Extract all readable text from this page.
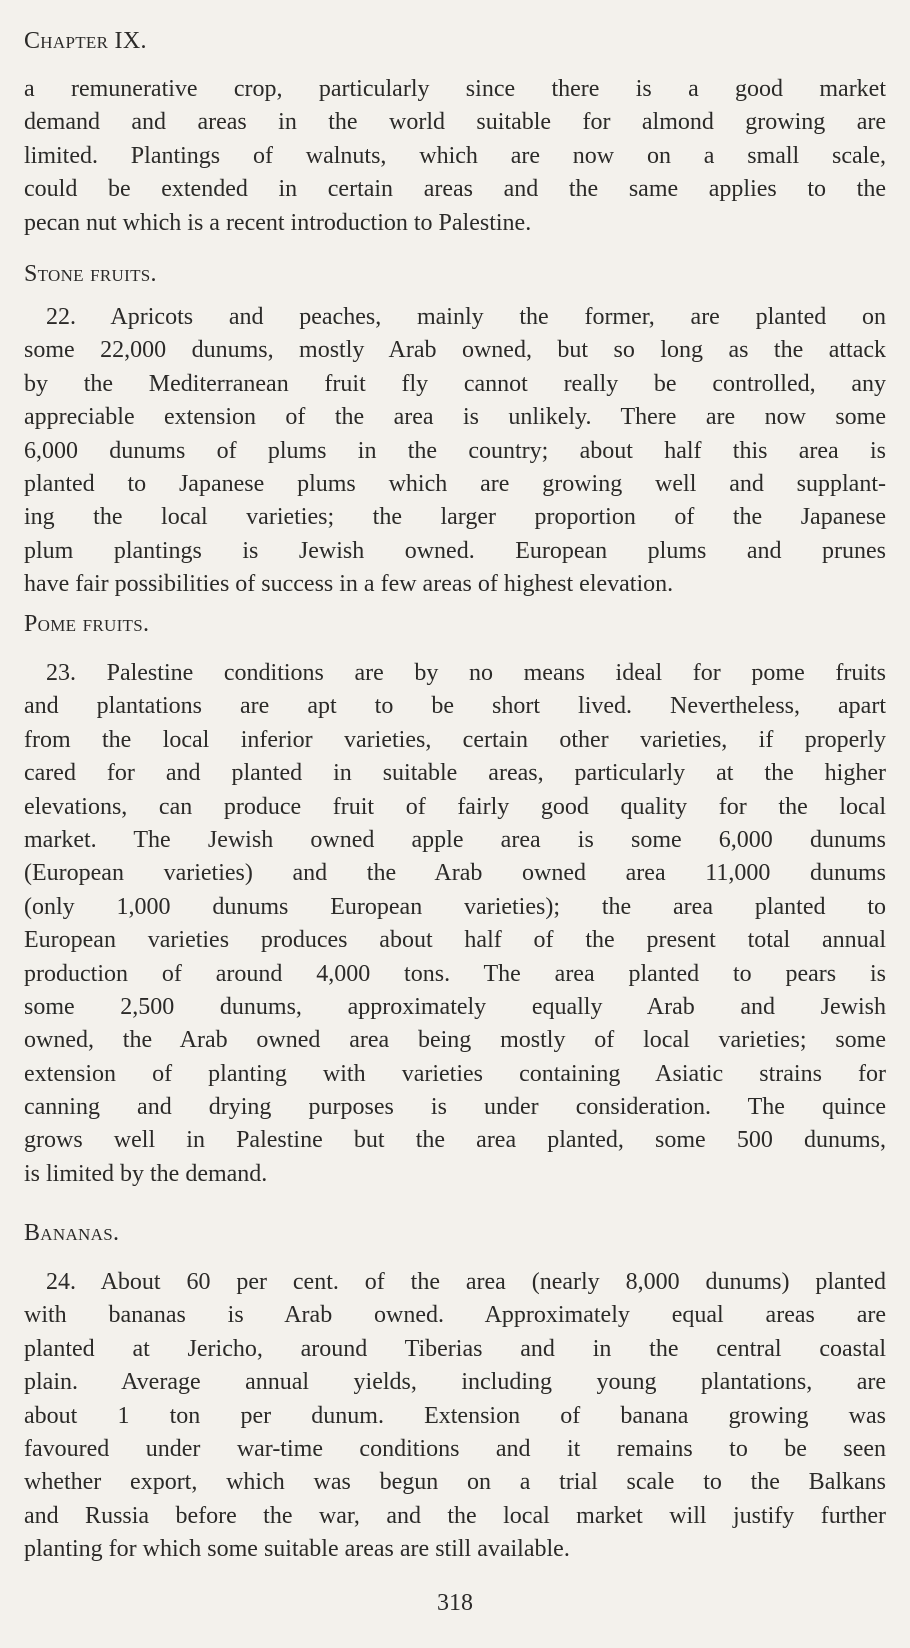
Chapter IX.
a remunerative crop, particularly since there is a good market
demand and areas in the world suitable for almond growing are
limited. Plantings of walnuts, which are now on a small scale,
could be extended in certain areas and the same applies to the
pecan nut which is a recent introduction to Palestine.
Stone fruits.
22. Apricots and peaches, mainly the former, are planted on
some 22,000 dunums, mostly Arab owned, but so long as the attack
by the Mediterranean fruit fly cannot really be controlled, any
appreciable extension of the area is unlikely. There are now some
6,000 dunums of plums in the country; about half this area is
planted to Japanese plums which are growing well and supplant-
ing the local varieties; the larger proportion of the Japanese
plum plantings is Jewish owned. European plums and prunes
have fair possibilities of success in a few areas of highest elevation.
Pome fruits.
23. Palestine conditions are by no means ideal for pome fruits
and plantations are apt to be short lived. Nevertheless, apart
from the local inferior varieties, certain other varieties, if properly
cared for and planted in suitable areas, particularly at the higher
elevations, can produce fruit of fairly good quality for the local
market. The Jewish owned apple area is some 6,000 dunums
(European varieties) and the Arab owned area 11,000 dunums
(only 1,000 dunums European varieties); the area planted to
European varieties produces about half of the present total annual
production of around 4,000 tons. The area planted to pears is
some 2,500 dunums, approximately equally Arab and Jewish
owned, the Arab owned area being mostly of local varieties; some
extension of planting with varieties containing Asiatic strains for
canning and drying purposes is under consideration. The quince
grows well in Palestine but the area planted, some 500 dunums,
is limited by the demand.
Bananas.
24. About 60 per cent. of the area (nearly 8,000 dunums) planted
with bananas is Arab owned. Approximately equal areas are
planted at Jericho, around Tiberias and in the central coastal
plain. Average annual yields, including young plantations, are
about 1 ton per dunum. Extension of banana growing was
favoured under war-time conditions and it remains to be seen
whether export, which was begun on a trial scale to the Balkans
and Russia before the war, and the local market will justify further
planting for which some suitable areas are still available.
318
